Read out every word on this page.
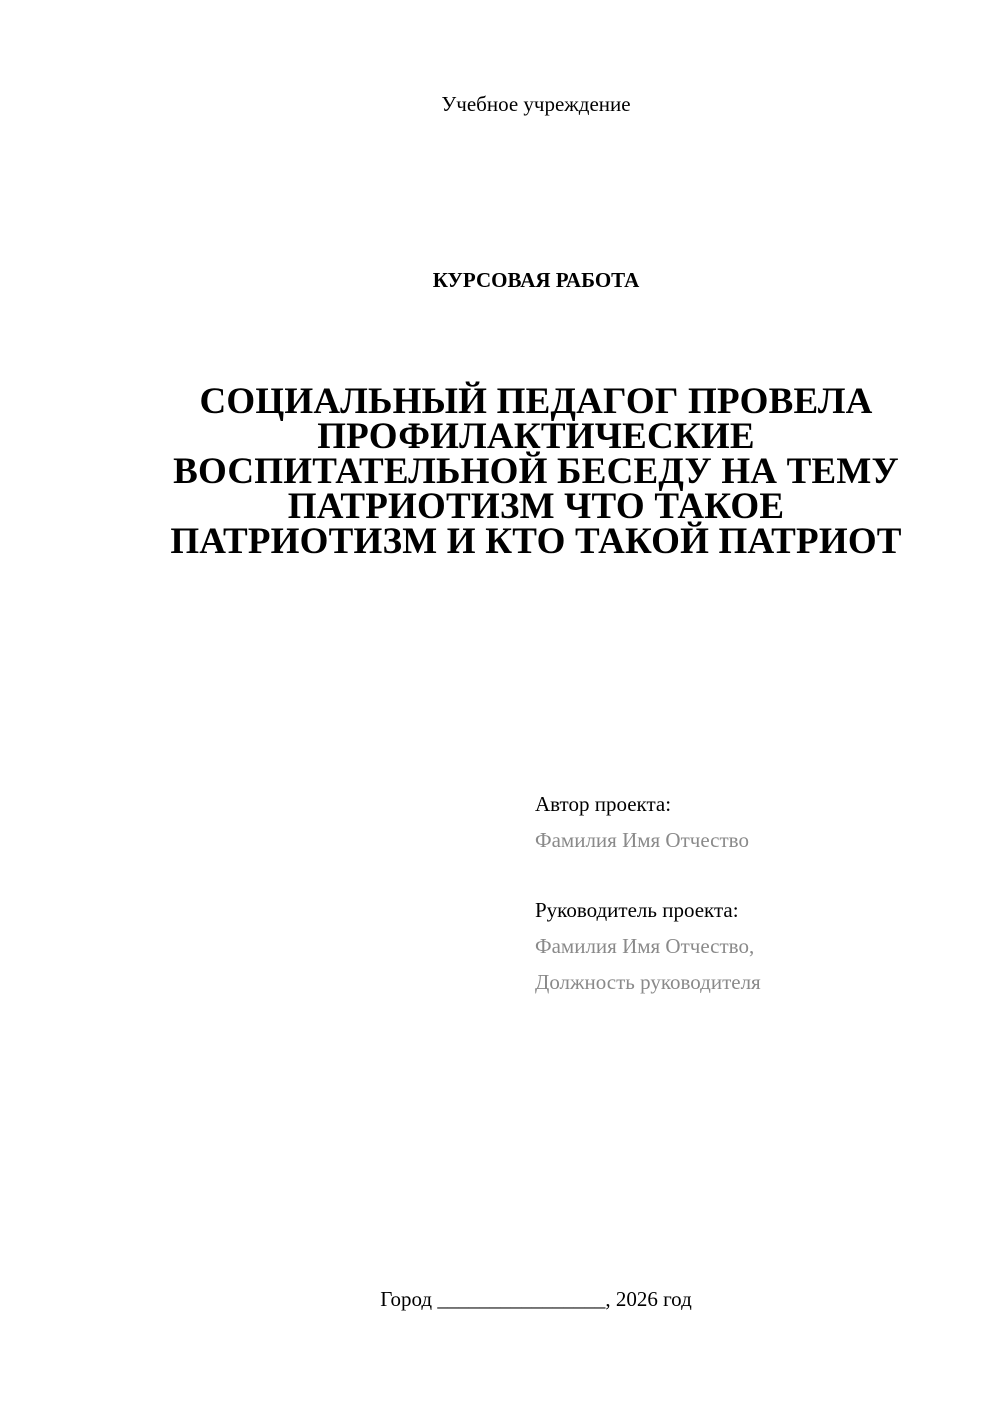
Учебное учреждение
КУРСОВАЯ РАБОТА
СОЦИАЛЬНЫЙ ПЕДАГОГ ПРОВЕЛА
ПРОФИЛАКТИЧЕСКИЕ
ВОСПИТАТЕЛЬНОЙ БЕСЕДУ НА ТЕМУ
ПАТРИОТИЗМ ЧТО ТАКОЕ
ПАТРИОТИЗМ И КТО ТАКОЙ ПАТРИОТ
Автор проекта:
Фамилия Имя Отчество
Руководитель проекта:
Фамилия Имя Отчество,
Должность руководителя
Город ________________, 2026 год
